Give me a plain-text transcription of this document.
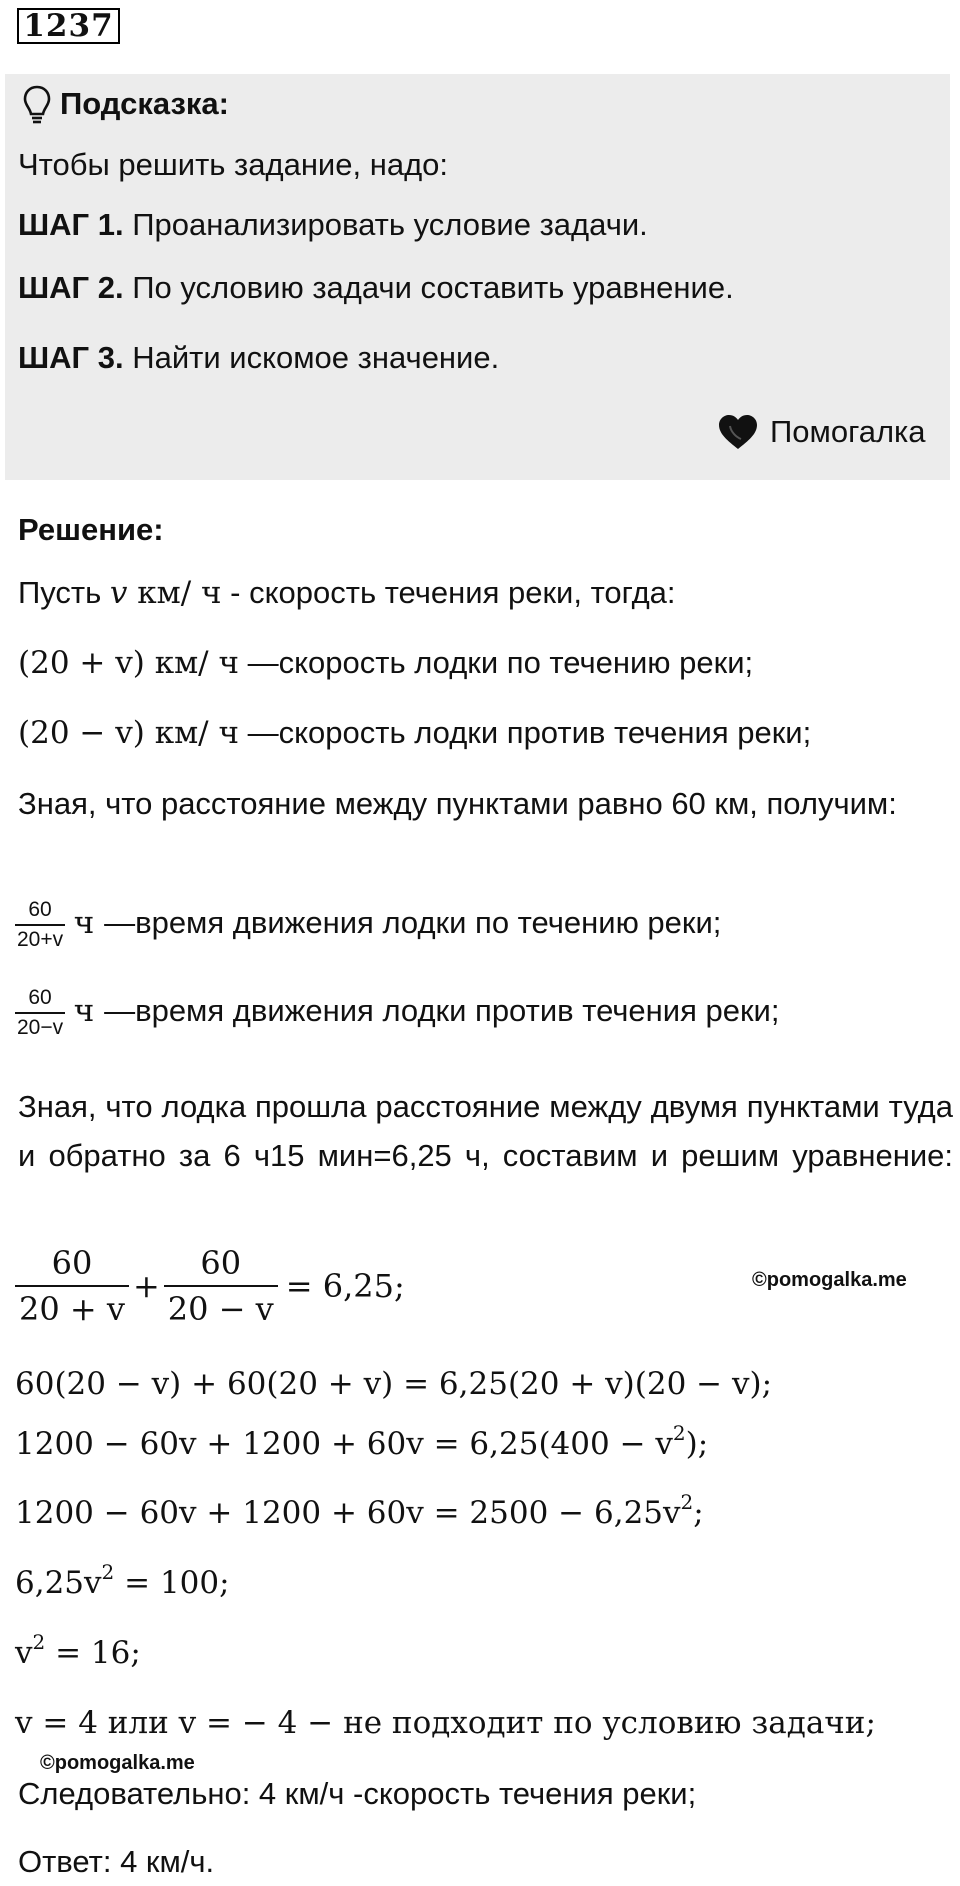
1237
Подсказка:
Чтобы решить задание, надо:
ШАГ 1. Проанализировать условие задачи.
ШАГ 2. По условию задачи составить уравнение.
ШАГ 3. Найти искомое значение.
Помогалка
Решение:
Пусть v км/ ч - скорость течения реки, тогда:
(20 + v) км/ ч —скорость лодки по течению реки;
(20 − v) км/ ч —скорость лодки против течения реки;
Зная, что расстояние между пунктами равно 60 км, получим:
$\frac{60}{20+v}$ ч —время движения лодки по течению реки;
$\frac{60}{20-v}$ ч —время движения лодки против течения реки;
Зная, что лодка прошла расстояние между двумя пунктами туда и обратно за 6 ч15 мин=6,25 ч, составим и решим уравнение:
$\frac{60}{20 + v} + \frac{60}{20 - v} = 6,25$;	©pomogalka.me
60(20 − v) + 60(20 + v) = 6,25(20 + v)(20 − v);
$1200 - 60v + 1200 + 60v = 6,25(400 - v^2)$;
$1200 - 60v + 1200 + 60v = 2500 - 6,25v^2$;
$6,25v^2 = 100$;
$v^2 = 16$;
v = 4 или v = − 4 − не подходит по условию задачи;
©pomogalka.me
Следовательно: 4 км/ч -скорость течения реки;
Ответ: 4 км/ч.
